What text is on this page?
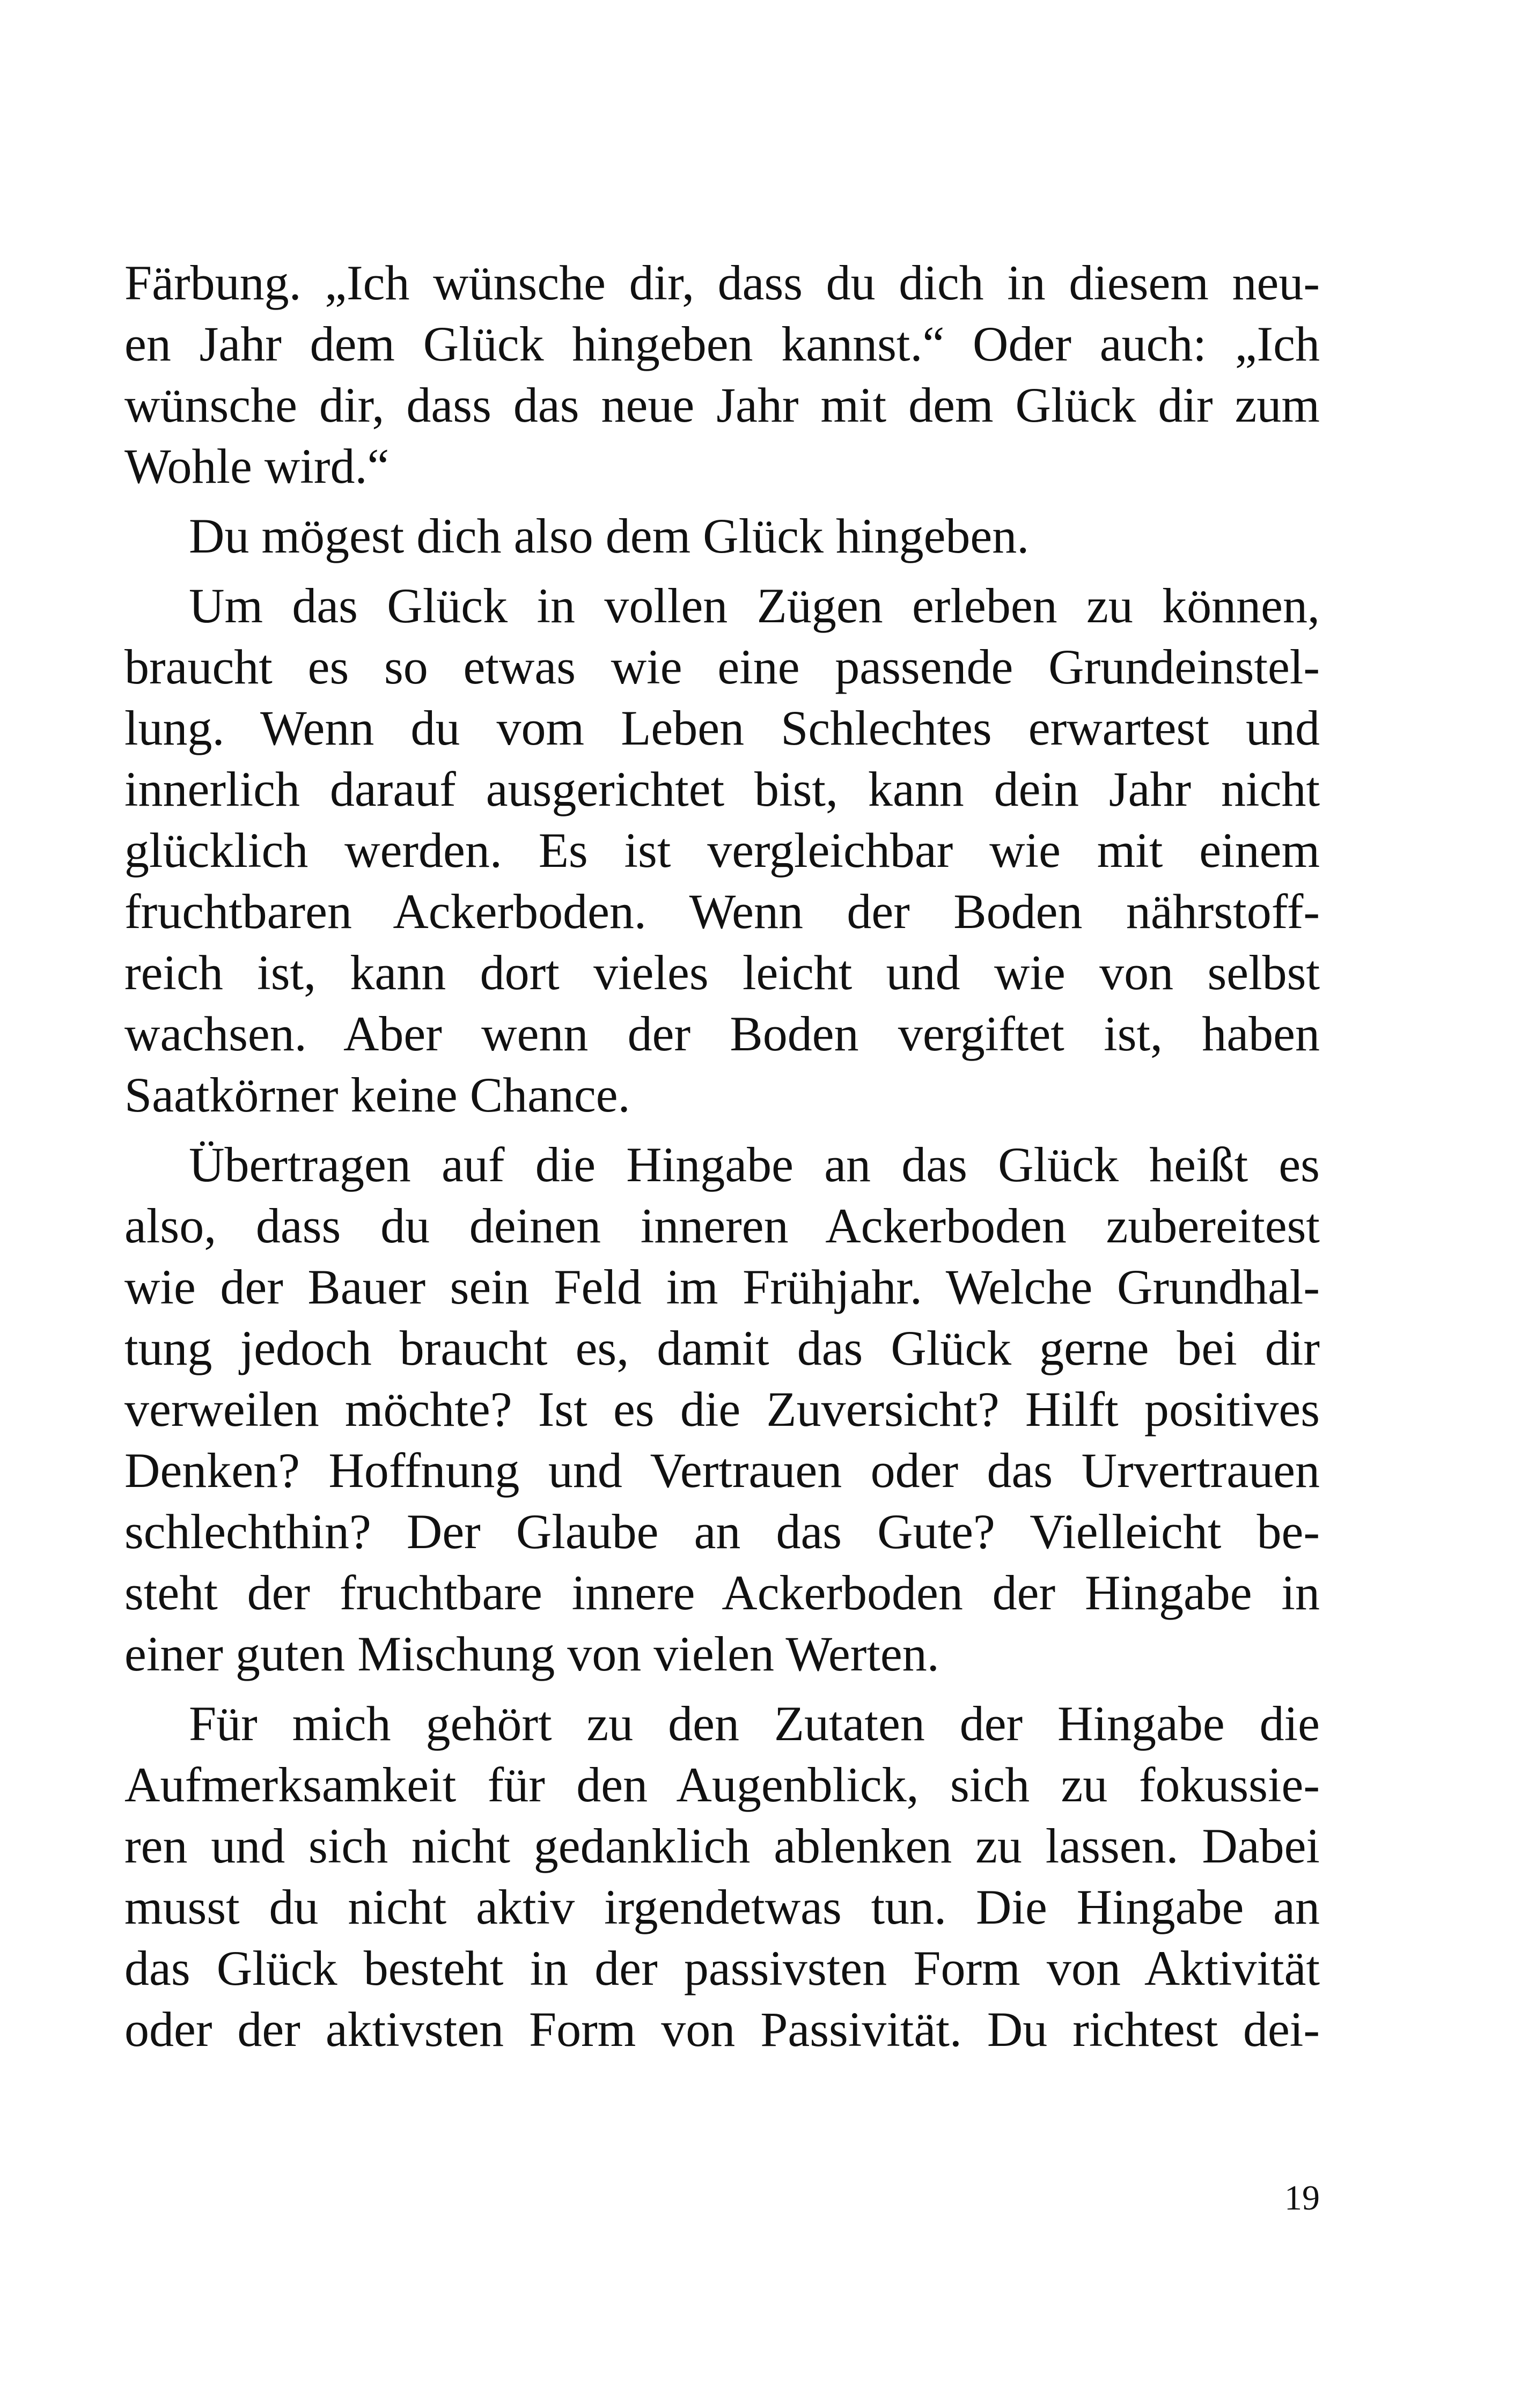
Färbung. „Ich wünsche dir, dass du dich in diesem neu-
en Jahr dem Glück hingeben kannst.“ Oder auch: „Ich
wünsche dir, dass das neue Jahr mit dem Glück dir zum
Wohle wird.“
Du mögest dich also dem Glück hingeben.
Um das Glück in vollen Zügen erleben zu können,
braucht es so etwas wie eine passende Grundeinstel-
lung. Wenn du vom Leben Schlechtes erwartest und
innerlich darauf ausgerichtet bist, kann dein Jahr nicht
glücklich werden. Es ist vergleichbar wie mit einem
fruchtbaren Ackerboden. Wenn der Boden nährstoff-
reich ist, kann dort vieles leicht und wie von selbst
wachsen. Aber wenn der Boden vergiftet ist, haben
Saatkörner keine Chance.
Übertragen auf die Hingabe an das Glück heißt es
also, dass du deinen inneren Ackerboden zubereitest
wie der Bauer sein Feld im Frühjahr. Welche Grundhal-
tung jedoch braucht es, damit das Glück gerne bei dir
verweilen möchte? Ist es die Zuversicht? Hilft positives
Denken? Hoffnung und Vertrauen oder das Urvertrauen
schlechthin? Der Glaube an das Gute? Vielleicht be-
steht der fruchtbare innere Ackerboden der Hingabe in
einer guten Mischung von vielen Werten.
Für mich gehört zu den Zutaten der Hingabe die
Aufmerksamkeit für den Augenblick, sich zu fokussie-
ren und sich nicht gedanklich ablenken zu lassen. Dabei
musst du nicht aktiv irgendetwas tun. Die Hingabe an
das Glück besteht in der passivsten Form von Aktivität
oder der aktivsten Form von Passivität. Du richtest dei-
19
